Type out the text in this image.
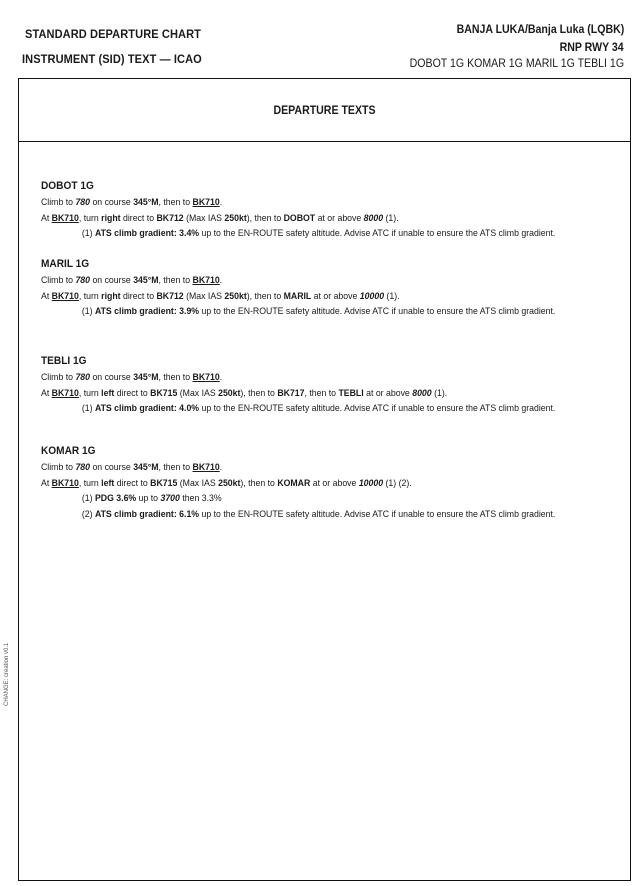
STANDARD DEPARTURE CHART
INSTRUMENT (SID) TEXT — ICAO
BANJA LUKA/Banja Luka (LQBK)
RNP RWY 34
DOBOT 1G KOMAR 1G MARIL 1G TEBLI 1G
DEPARTURE TEXTS
DOBOT 1G
Climb to 780 on course 345°M, then to BK710.
At BK710, turn right direct to BK712 (Max IAS 250kt), then to DOBOT at or above 8000 (1).
(1) ATS climb gradient: 3.4% up to the EN-ROUTE safety altitude. Advise ATC if unable to ensure the ATS climb gradient.
MARIL 1G
Climb to 780 on course 345°M, then to BK710.
At BK710, turn right direct to BK712 (Max IAS 250kt), then to MARIL at or above 10000 (1).
(1) ATS climb gradient: 3.9% up to the EN-ROUTE safety altitude. Advise ATC if unable to ensure the ATS climb gradient.
TEBLI 1G
Climb to 780 on course 345°M, then to BK710.
At BK710, turn left direct to BK715 (Max IAS 250kt), then to BK717, then to TEBLI at or above 8000 (1).
(1) ATS climb gradient: 4.0% up to the EN-ROUTE safety altitude. Advise ATC if unable to ensure the ATS climb gradient.
KOMAR 1G
Climb to 780 on course 345°M, then to BK710.
At BK710, turn left direct to BK715 (Max IAS 250kt), then to KOMAR at or above 10000 (1) (2).
(1) PDG 3.6% up to 3700 then 3.3%
(2) ATS climb gradient: 6.1% up to the EN-ROUTE safety altitude. Advise ATC if unable to ensure the ATS climb gradient.
CHANGE: creation v0.1
